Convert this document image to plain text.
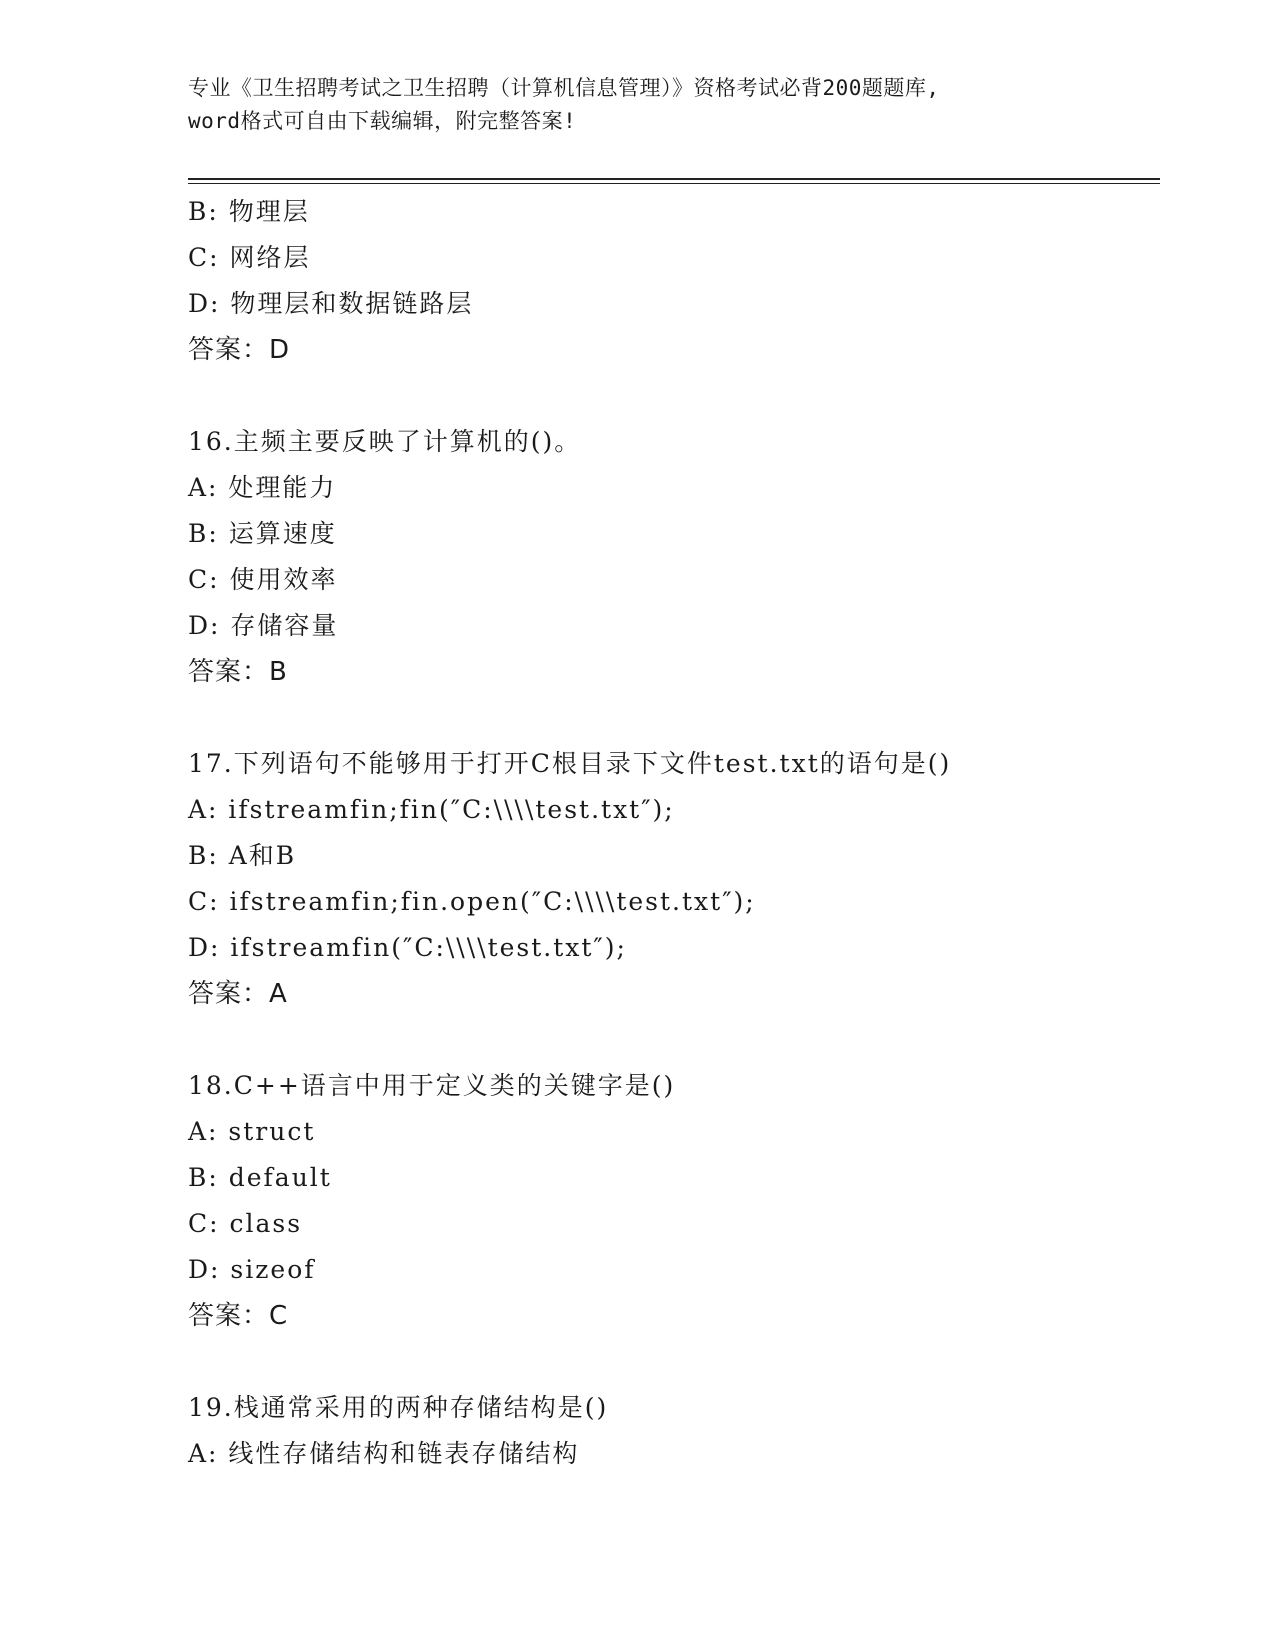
专业《卫生招聘考试之卫生招聘（计算机信息管理）》资格考试必背200题题库,
word格式可自由下载编辑，附完整答案!
B: 物理层
C: 网络层
D: 物理层和数据链路层
答案：D
16.主频主要反映了计算机的()。
A: 处理能力
B: 运算速度
C: 使用效率
D: 存储容量
答案：B
17.下列语句不能够用于打开C根目录下文件test.txt的语句是()
A: ifstreamfin;fin(″C:\\\\test.txt″);
B: A和B
C: ifstreamfin;fin.open(″C:\\\\test.txt″);
D: ifstreamfin(″C:\\\\test.txt″);
答案：A
18.C++语言中用于定义类的关键字是()
A: struct
B: default
C: class
D: sizeof
答案：C
19.栈通常采用的两种存储结构是()
A: 线性存储结构和链表存储结构
